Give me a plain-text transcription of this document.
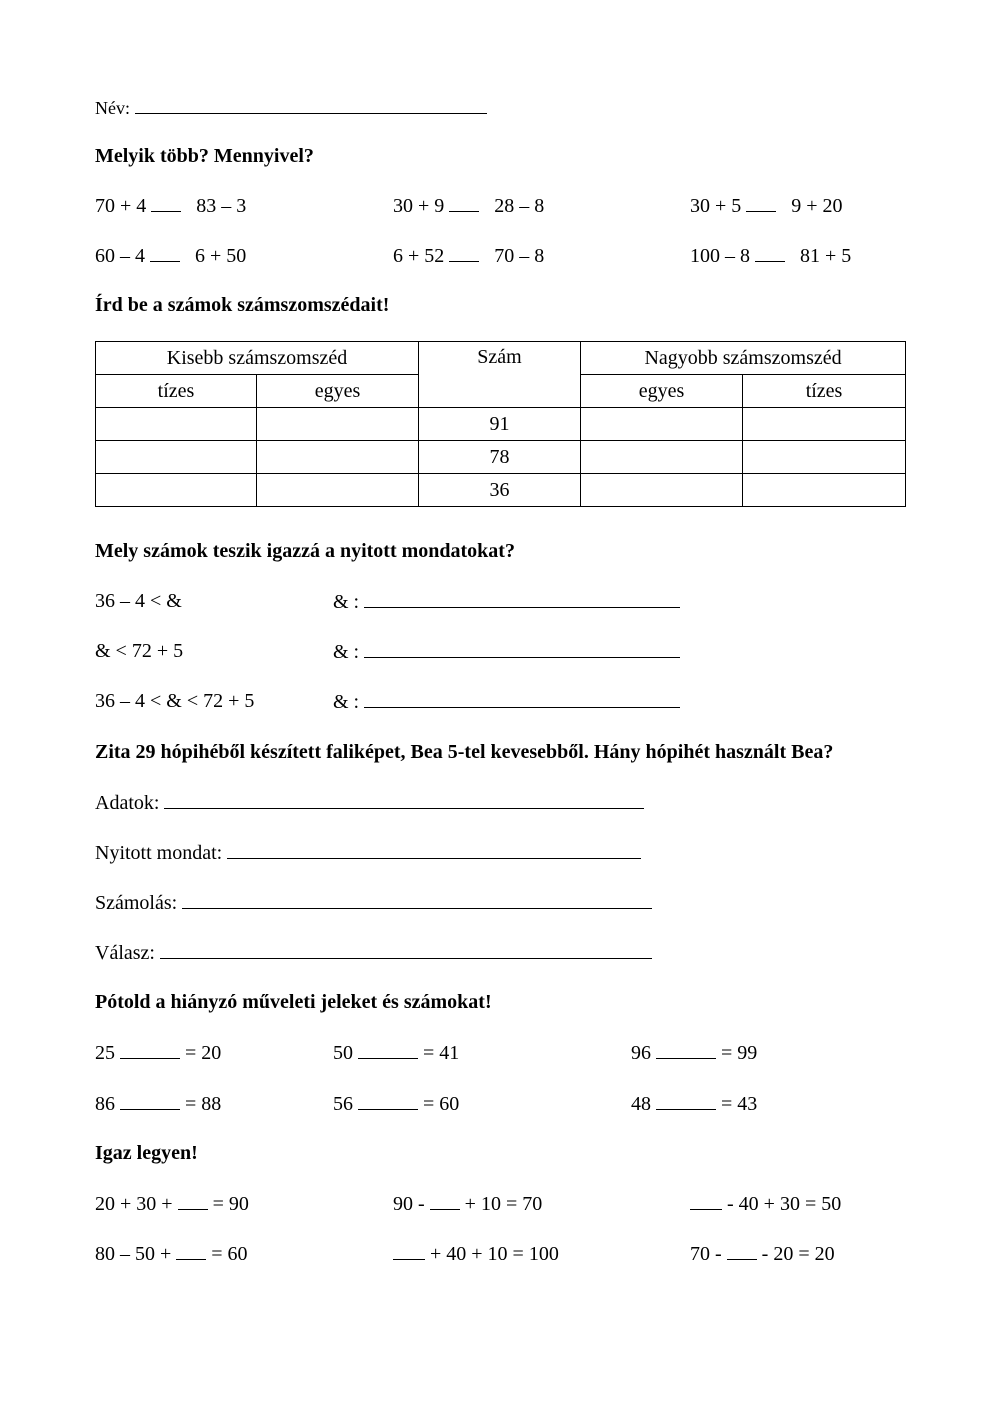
Név:
Melyik több? Mennyivel?
70 + 4	83 – 3	30 + 9	28 – 8	30 + 5	9 + 20
60 – 4	6 + 50	6 + 52	70 – 8	100 – 8	81 + 5
Írd be a számok számszomszédait!
Kisebb számszomszéd		Szám	Nagyobb számszomszéd	
tízes	egyes		egyes	tízes
		91		
		78		
		36		
Mely számok teszik igazzá a nyitott mondatokat?
36 – 4 < &	& :
& < 72 + 5	& :
36 – 4 < & < 72 + 5	& :
Zita 29 hópihéből készített faliképet, Bea 5-tel kevesebből. Hány hópihét használt Bea?
Adatok:
Nyitott mondat:
Számolás:
Válasz:
Pótold a hiányzó műveleti jeleket és számokat!
25	= 20	50	= 41	96	= 99
86	= 88	56	= 60	48	= 43
Igaz legyen!
20 + 30 + = 90	90 - + 10 = 70	- 40 + 30 = 50
80 – 50 + = 60	+ 40 + 10 = 100	70 - - 20 = 20
